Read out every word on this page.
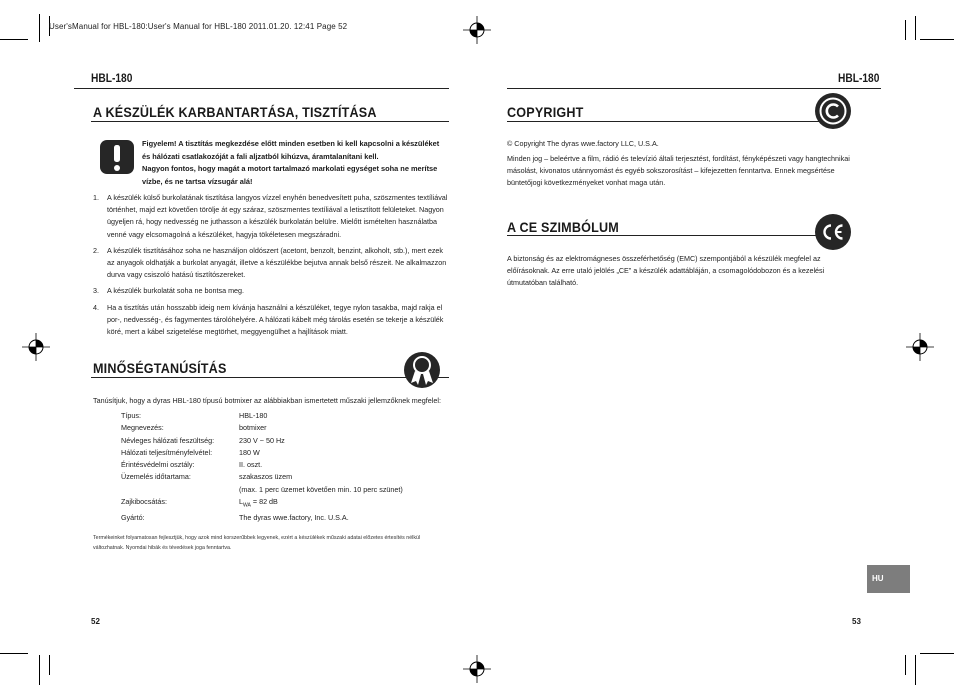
User'sManual for HBL-180:User's Manual for HBL-180 2011.01.20. 12:41 Page 52
HBL-180
A KÉSZÜLÉK KARBANTARTÁSA, TISZTÍTÁSA
Figyelem! A tisztítás megkezdése előtt minden esetben ki kell kapcsolni a készüléket
és hálózati csatlakozóját a fali aljzatból kihúzva, áramtalanítani kell.
Nagyon fontos, hogy magát a motort tartalmazó markolati egységet soha ne merítse
vízbe, és ne tartsa vízsugár alá!
1. A készülék külső burkolatának tisztítása langyos vízzel enyhén benedvesített puha, szöszmentes textíliával történhet, majd ezt követően törölje át egy száraz, szöszmentes textíliával a letisztított felületeket. Nagyon ügyeljen rá, hogy nedvesség ne juthasson a készülék burkolatán belülre. Mielőtt ismételten használatba venné vagy elcsomagolná a készüléket, hagyja tökéletesen megszáradni.
2. A készülék tisztításához soha ne használjon oldószert (acetont, benzolt, benzint, alkoholt, stb.), mert ezek az anyagok oldhatják a burkolat anyagát, illetve a készülékbe bejutva annak belső részeit. Ne alkalmazzon durva vagy csiszoló hatású tisztítószereket.
3. A készülék burkolatát soha ne bontsa meg.
4. Ha a tisztítás után hosszabb ideig nem kívánja használni a készüléket, tegye nylon tasakba, majd rakja el por-, nedvesség-, és fagymentes tárolóhelyére. A hálózati kábelt még tárolás esetén se tekerje a készülék köré, mert a kábel szigetelése megtörhet, meggyengülhet a hajlítások miatt.
MINŐSÉGTANÚSÍTÁS
Tanúsítjuk, hogy a dyras HBL-180 típusú botmixer az alábbiakban ismertetett műszaki jellemzőknek megfelel:
Típus:	HBL-180
Megnevezés:	botmixer
Névleges hálózati feszültség:	230 V ~ 50 Hz
Hálózati teljesítményfelvétel:	180 W
Érintésvédelmi osztály:	II. oszt.
Üzemelés időtartama:	szakaszos üzem
	(max. 1 perc üzemet követően min. 10 perc szünet)
Zajkibocsátás:	$L_{WA} = 82$ dB
Gyártó:	The dyras wwe.factory, Inc. U.S.A.
Termékeinket folyamatosan fejlesztjük, hogy azok mind korszerűbbek legyenek, ezért a készülékek műszaki adatai előzetes értesítés nélkül
változhatnak. Nyomdai hibák és tévedések joga fenntartva.
52
HBL-180
COPYRIGHT
© Copyright The dyras wwe.factory LLC, U.S.A.
Minden jog – beleértve a film, rádió és televízió általi terjesztést, fordítást, fényképészeti vagy hangtechnikai másolást, kivonatos utánnyomást és egyéb sokszorosítást – kifejezetten fenntartva. Ennek megsértése büntetőjogi következményeket vonhat maga után.
A CE SZIMBÓLUM
A biztonság és az elektromágneses összeférhetőség (EMC) szempontjából a készülék megfelel az előírásoknak. Az erre utaló jelölés „CE” a készülék adattábláján, a csomagolódobozon és a kezelési útmutatóban található.
HU
53
